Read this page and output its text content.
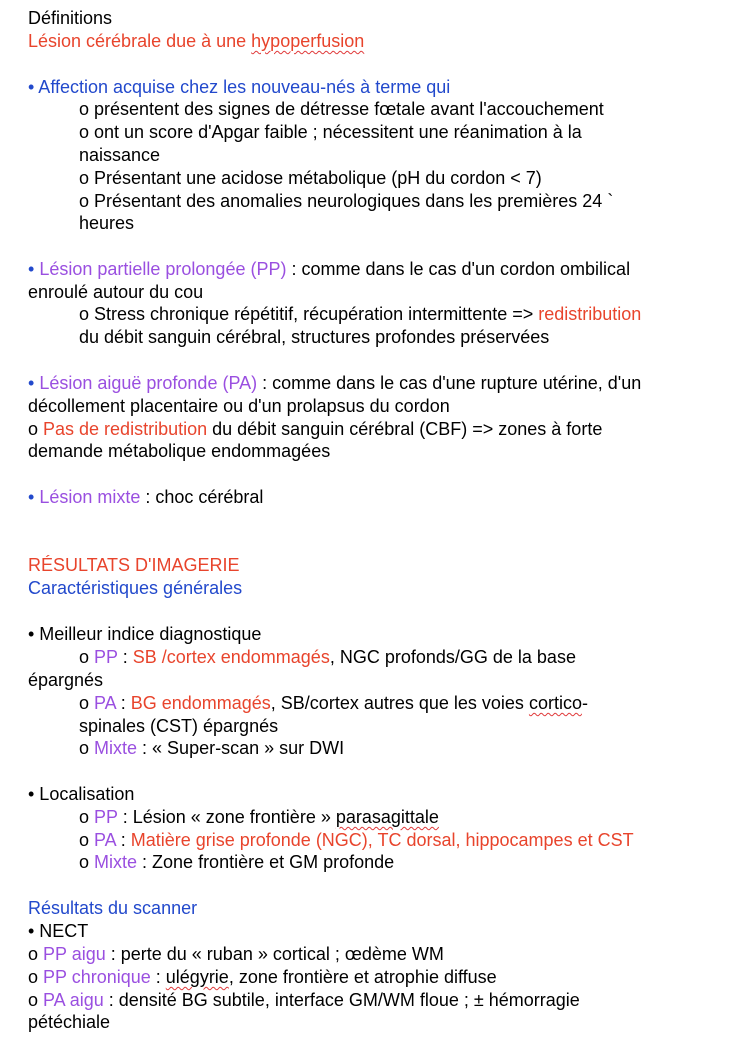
Définitions
Lésion cérébrale due à une hypoperfusion
• Affection acquise chez les nouveau-nés à terme qui
o présentent des signes de détresse fœtale avant l'accouchement
o ont un score d'Apgar faible ; nécessitent une réanimation à la
naissance
o Présentant une acidose métabolique (pH du cordon < 7)
o Présentant des anomalies neurologiques dans les premières 24 `
heures
• Lésion partielle prolongée (PP) : comme dans le cas d'un cordon ombilical
enroulé autour du cou
o Stress chronique répétitif, récupération intermittente => redistribution
du débit sanguin cérébral, structures profondes préservées
• Lésion aiguë profonde (PA) : comme dans le cas d'une rupture utérine, d'un
décollement placentaire ou d'un prolapsus du cordon
o Pas de redistribution du débit sanguin cérébral (CBF) => zones à forte
demande métabolique endommagées
• Lésion mixte : choc cérébral
RÉSULTATS D'IMAGERIE
Caractéristiques générales
• Meilleur indice diagnostique
o PP : SB /cortex endommagés, NGC profonds/GG de la base
épargnés
o PA : BG endommagés, SB/cortex autres que les voies cortico-
spinales (CST) épargnés
o Mixte : « Super-scan » sur DWI
• Localisation
o PP : Lésion « zone frontière » parasagittale
o PA : Matière grise profonde (NGC), TC dorsal, hippocampes et CST
o Mixte : Zone frontière et GM profonde
Résultats du scanner
• NECT
o PP aigu : perte du « ruban » cortical ; œdème WM
o PP chronique : ulégyrie, zone frontière et atrophie diffuse
o PA aigu : densité BG subtile, interface GM/WM floue ; ± hémorragie
pétéchiale
